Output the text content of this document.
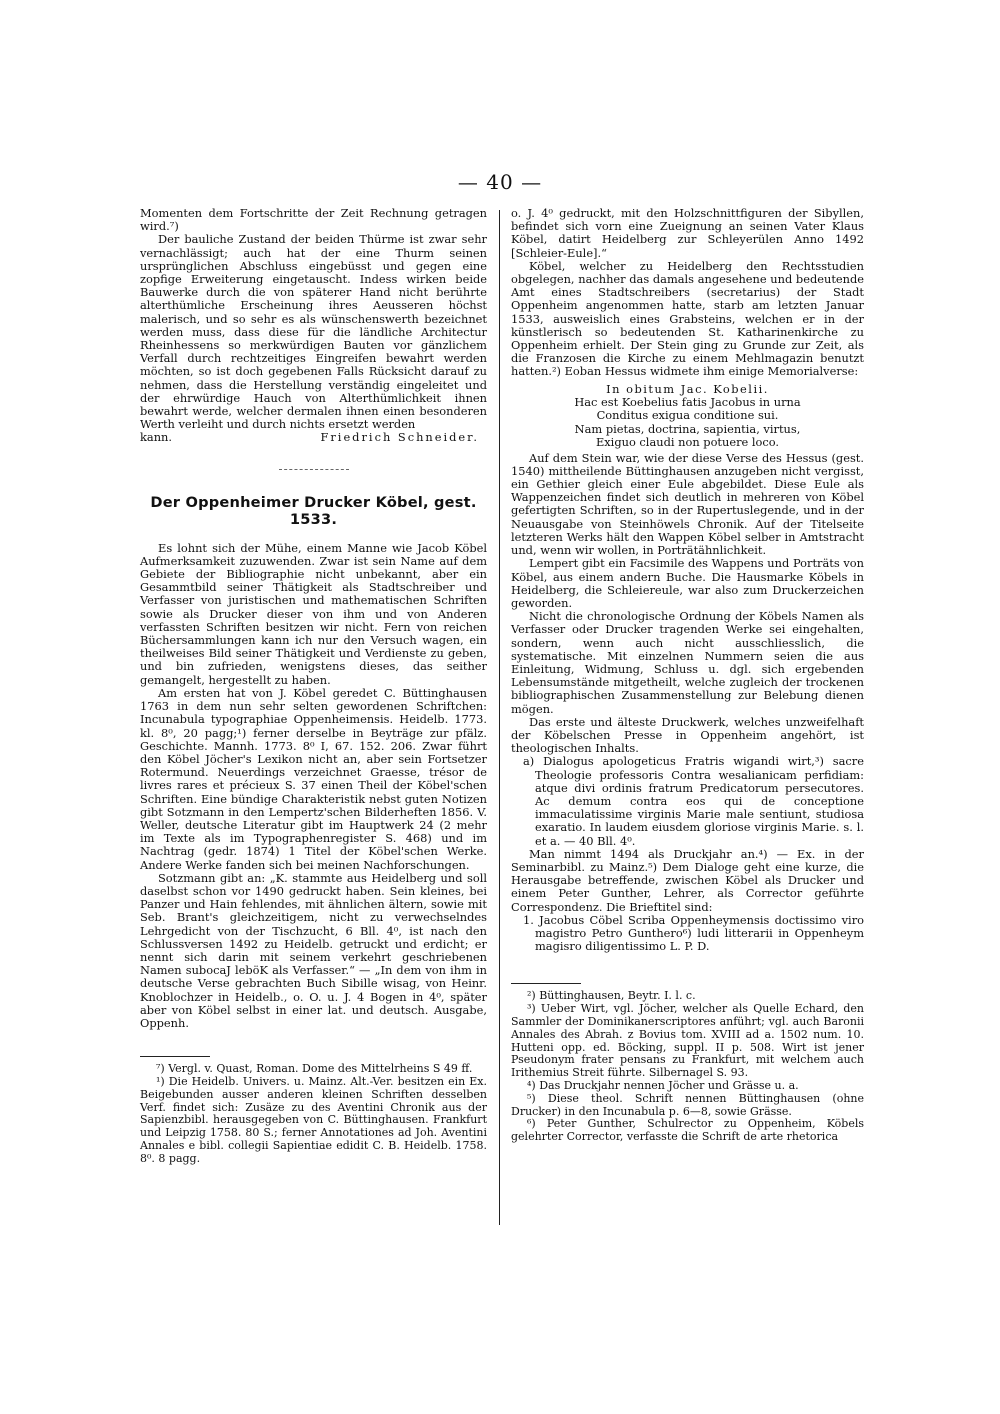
— 40 —

Momenten dem Fortschritte der Zeit Rechnung getragen wird.⁷)

Der bauliche Zustand der beiden Thürme ist zwar sehr vernachlässigt; auch hat der eine Thurm seinen ursprünglichen Abschluss eingebüsst und gegen eine zopfige Erweiterung eingetauscht. Indess wirken beide Bauwerke durch die von späterer Hand nicht berührte alterthümliche Erscheinung ihres Aeusseren höchst malerisch, und so sehr es als wünschenswerth bezeichnet werden muss, dass diese für die ländliche Architectur Rheinhessens so merkwürdigen Bauten vor gänzlichem Verfall durch rechtzeitiges Eingreifen bewahrt werden möchten, so ist doch gegebenen Falls Rücksicht darauf zu nehmen, dass die Herstellung verständig eingeleitet und der ehrwürdige Hauch von Alterthümlichkeit ihnen bewahrt werde, welcher dermalen ihnen einen besonderen Werth verleiht und durch nichts ersetzt werden

kann.	Friedrich Schneider.
Der Oppenheimer Drucker Köbel, gest. 1533.

Es lohnt sich der Mühe, einem Manne wie Jacob Köbel Aufmerksamkeit zuzuwenden. Zwar ist sein Name auf dem Gebiete der Bibliographie nicht unbekannt, aber ein Gesammtbild seiner Thätigkeit als Stadtschreiber und Verfasser von juristischen und mathematischen Schriften sowie als Drucker dieser von ihm und von Anderen verfassten Schriften besitzen wir nicht. Fern von reichen Büchersammlungen kann ich nur den Versuch wagen, ein theilweises Bild seiner Thätigkeit und Verdienste zu geben, und bin zufrieden, wenigstens dieses, das seither gemangelt, hergestellt zu haben.

Am ersten hat von J. Köbel geredet C. Büttinghausen 1763 in dem nun sehr selten gewordenen Schriftchen: Incunabula typographiae Oppenheimensis. Heidelb. 1773. kl. 8⁰, 20 pagg;¹) ferner derselbe in Beyträge zur pfälz. Geschichte. Mannh. 1773. 8⁰ I, 67. 152. 206. Zwar führt den Köbel Jöcher's Lexikon nicht an, aber sein Fortsetzer Rotermund. Neuerdings verzeichnet Graesse, trésor de livres rares et précieux S. 37 einen Theil der Köbel'schen Schriften. Eine bündige Charakteristik nebst guten Notizen gibt Sotzmann in den Lempertz'schen Bilderheften 1856. V. Weller, deutsche Literatur gibt im Hauptwerk 24 (2 mehr im Texte als im Typographenregister S. 468) und im Nachtrag (gedr. 1874) 1 Titel der Köbel'schen Werke. Andere Werke fanden sich bei meinen Nachforschungen.

Sotzmann gibt an: „K. stammte aus Heidelberg und soll daselbst schon vor 1490 gedruckt haben. Sein kleines, bei Panzer und Hain fehlendes, mit ähnlichen ältern, sowie mit Seb. Brant's gleichzeitigem, nicht zu verwechselndes Lehrgedicht von der Tischzucht, 6 Bll. 4⁰, ist nach den Schlussversen 1492 zu Heidelb. getruckt und erdicht; er nennt sich darin mit seinem verkehrt geschriebenen Namen subocaJ leböK als Verfasser.“ — „In dem von ihm in deutsche Verse gebrachten Buch Sibille wisag, von Heinr. Knoblochzer in Heidelb., o. O. u. J. 4 Bogen in 4⁰, später aber von Köbel selbst in einer lat. und deutsch. Ausgabe, Oppenh.

⁷) Vergl. v. Quast, Roman. Dome des Mittelrheins S 49 ff.

¹) Die Heidelb. Univers. u. Mainz. Alt.-Ver. besitzen ein Ex. Beigebunden ausser anderen kleinen Schriften desselben Verf. findet sich: Zusäze zu des Aventini Chronik aus der Sapienzbibl. herausgegeben von C. Büttinghausen. Frankfurt und Leipzig 1758. 80 S.; ferner Annotationes ad Joh. Aventini Annales e bibl. collegii Sapientiae edidit C. B. Heidelb. 1758. 8⁰. 8 pagg.

o. J. 4⁰ gedruckt, mit den Holzschnittfiguren der Sibyllen, befindet sich vorn eine Zueignung an seinen Vater Klaus Köbel, datirt Heidelberg zur Schleyerülen Anno 1492 [Schleier-Eule].“

Köbel, welcher zu Heidelberg den Rechtsstudien obgelegen, nachher das damals angesehene und bedeutende Amt eines Stadtschreibers (secretarius) der Stadt Oppenheim angenommen hatte, starb am letzten Januar 1533, ausweislich eines Grabsteins, welchen er in der künstlerisch so bedeutenden St. Katharinenkirche zu Oppenheim erhielt. Der Stein ging zu Grunde zur Zeit, als die Franzosen die Kirche zu einem Mehlmagazin benutzt hatten.²) Eoban Hessus widmete ihm einige Memorialverse:

In obitum Jac. Kobelii.

Hac est Koebelius fatis Jacobus in urna

Conditus exigua conditione sui.

Nam pietas, doctrina, sapientia, virtus,

Exiguo claudi non potuere loco.

Auf dem Stein war, wie der diese Verse des Hessus (gest. 1540) mittheilende Büttinghausen anzugeben nicht vergisst, ein Gethier gleich einer Eule abgebildet. Diese Eule als Wappenzeichen findet sich deutlich in mehreren von Köbel gefertigten Schriften, so in der Rupertuslegende, und in der Neuausgabe von Steinhöwels Chronik. Auf der Titelseite letzteren Werks hält den Wappen Köbel selber in Amtstracht und, wenn wir wollen, in Porträtähnlichkeit.

Lempert gibt ein Facsimile des Wappens und Porträts von Köbel, aus einem andern Buche. Die Hausmarke Köbels in Heidelberg, die Schleiereule, war also zum Druckerzeichen geworden.

Nicht die chronologische Ordnung der Köbels Namen als Verfasser oder Drucker tragenden Werke sei eingehalten, sondern, wenn auch nicht ausschliesslich, die systematische. Mit einzelnen Nummern seien die aus Einleitung, Widmung, Schluss u. dgl. sich ergebenden Lebensumstände mitgetheilt, welche zugleich der trockenen bibliographischen Zusammenstellung zur Belebung dienen mögen.

Das erste und älteste Druckwerk, welches unzweifelhaft der Köbelschen Presse in Oppenheim angehört, ist theologischen Inhalts.

a) Dialogus apologeticus Fratris wigandi wirt,³) sacre Theologie professoris Contra wesalianicam perfidiam: atque divi ordinis fratrum Predicatorum persecutores. Ac demum contra eos qui de conceptione immaculatissime virginis Marie male sentiunt, studiosa exaratio. In laudem eiusdem gloriose virginis Marie. s. l. et a. — 40 Bll. 4⁰.

Man nimmt 1494 als Druckjahr an.⁴) — Ex. in der Seminarbibl. zu Mainz.⁵) Dem Dialoge geht eine kurze, die Herausgabe betreffende, zwischen Köbel als Drucker und einem Peter Gunther, Lehrer, als Corrector geführte Correspondenz. Die Brieftitel sind:

1. Jacobus Cöbel Scriba Oppenheymensis doctissimo viro magistro Petro Gunthero⁶) ludi litterarii in Oppenheym magisro diligentissimo L. P. D.

²) Büttinghausen, Beytr. I. l. c.

³) Ueber Wirt, vgl. Jöcher, welcher als Quelle Echard, den Sammler der Dominikanerscriptores anführt; vgl. auch Baronii Annales des Abrah. z Bovius tom. XVIII ad a. 1502 num. 10. Hutteni opp. ed. Böcking, suppl. II p. 508. Wirt ist jener Pseudonym frater pensans zu Frankfurt, mit welchem auch Irithemius Streit führte. Silbernagel S. 93.

⁴) Das Druckjahr nennen Jöcher und Grässe u. a.

⁵) Diese theol. Schrift nennen Büttinghausen (ohne Drucker) in den Incunabula p. 6—8, sowie Grässe.

⁶) Peter Gunther, Schulrector zu Oppenheim, Köbels gelehrter Corrector, verfasste die Schrift de arte rhetorica
